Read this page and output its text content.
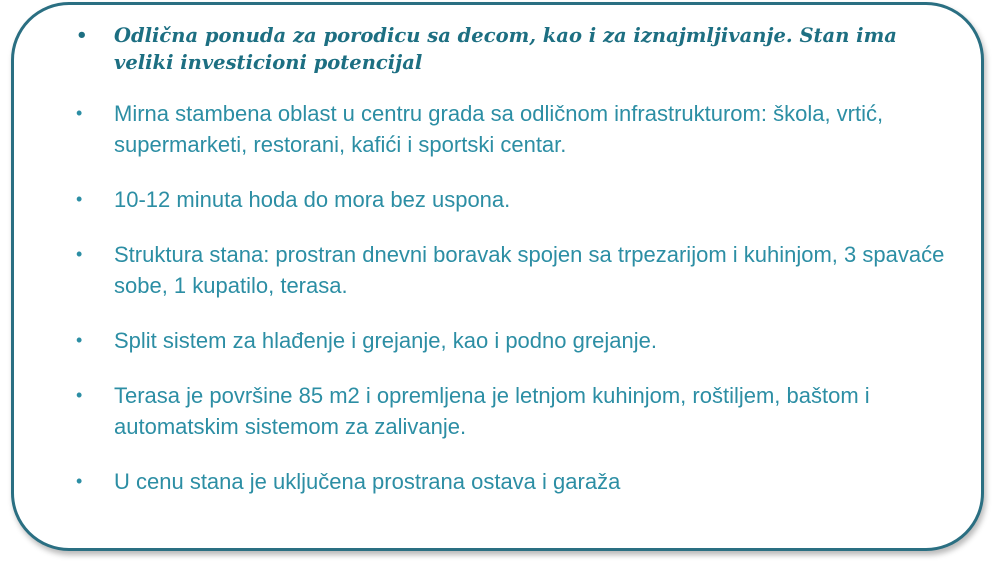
• Odlična ponuda za porodicu sa decom, kao i za iznajmljivanje. Stan ima veliki investicioni potencijal
• Mirna stambena oblast u centru grada sa odličnom infrastrukturom: škola, vrtić, supermarketi, restorani, kafići i sportski centar.
• 10-12 minuta hoda do mora bez uspona.
• Struktura stana: prostran dnevni boravak spojen sa trpezarijom i kuhinjom, 3 spavaće sobe, 1 kupatilo, terasa.
• Split sistem za hlađenje i grejanje, kao i podno grejanje.
• Terasa je površine 85 m2 i opremljena je letnjom kuhinjom, roštiljem, baštom i automatskim sistemom za zalivanje.
• U cenu stana je uključena prostrana ostava i garaža
